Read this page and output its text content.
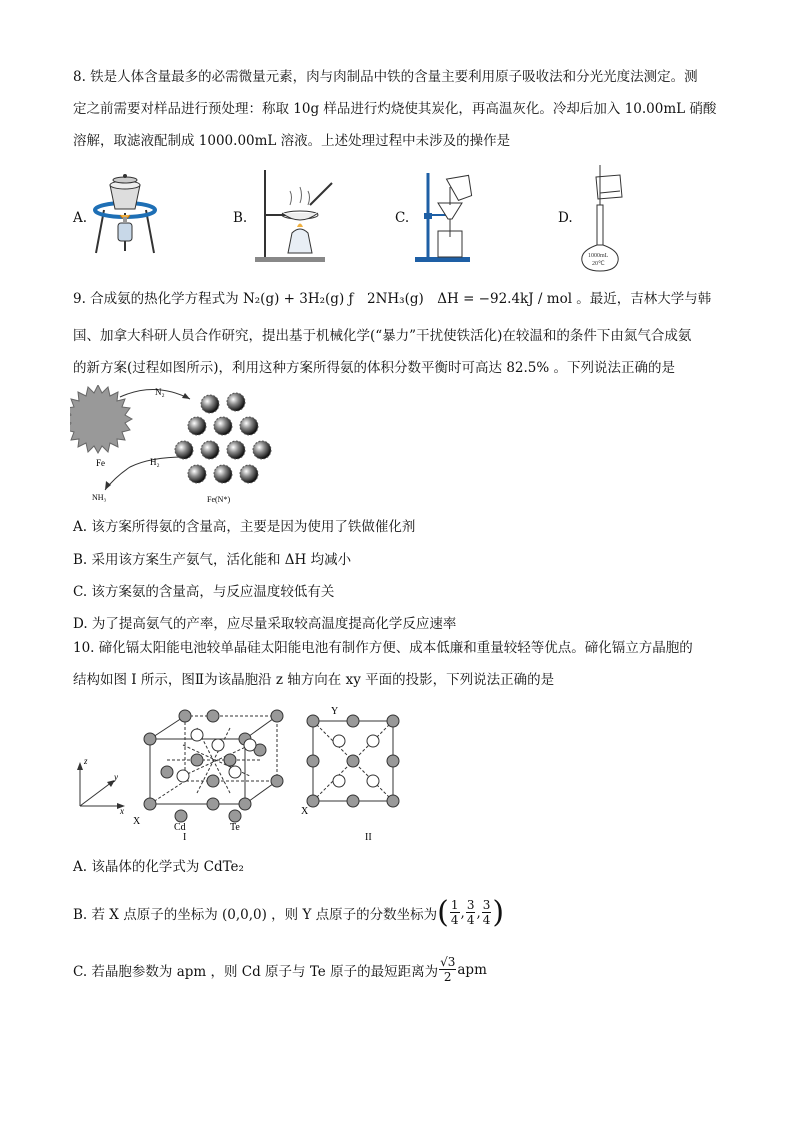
8. 铁是人体含量最多的必需微量元素，肉与肉制品中铁的含量主要利用原子吸收法和分光光度法测定。测
定之前需要对样品进行预处理：称取 10g 样品进行灼烧使其炭化，再高温灰化。冷却后加入 10.00mL 硝酸
溶解，取滤液配制成 1000.00mL 溶液。上述处理过程中未涉及的操作是
A.	B.	C.	D.
1000mL
20℃
9. 合成氨的热化学方程式为 N₂(g) + 3H₂(g) ƒ　2NH₃(g)　ΔH = −92.4kJ / mol 。最近，吉林大学与韩
国、加拿大科研人员合作研究，提出基于机械化学(“暴力”干扰使铁活化)在较温和的条件下由氮气合成氨
的新方案(过程如图所示)，利用这种方案所得氨的体积分数平衡时可高达 82.5% 。下列说法正确的是
Fe
N₂
H₂
NH₃	Fe(N*)
A. 该方案所得氨的含量高，主要是因为使用了铁做催化剂
B. 采用该方案生产氨气，活化能和 ΔH 均减小
C. 该方案氨的含量高，与反应温度较低有关
D. 为了提高氨气的产率，应尽量采取较高温度提高化学反应速率
10. 碲化镉太阳能电池较单晶硅太阳能电池有制作方便、成本低廉和重量较轻等优点。碲化镉立方晶胞的
结构如图 I 所示，图Ⅱ为该晶胞沿 z 轴方向在 xy 平面的投影，下列说法正确的是
z
y
x
X
Cd	Te
I
Y
X
II
A. 该晶体的化学式为 CdTe₂
B. 若 X 点原子的坐标为 (0,0,0) ，则 Y 点原子的分数坐标为 ( $\frac{1}{4}$ , $\frac{3}{4}$ , $\frac{3}{4}$ )
C. 若晶胞参数为 apm ，则 Cd 原子与 Te 原子的最短距离为 $\frac{√3}{2}$ apm
